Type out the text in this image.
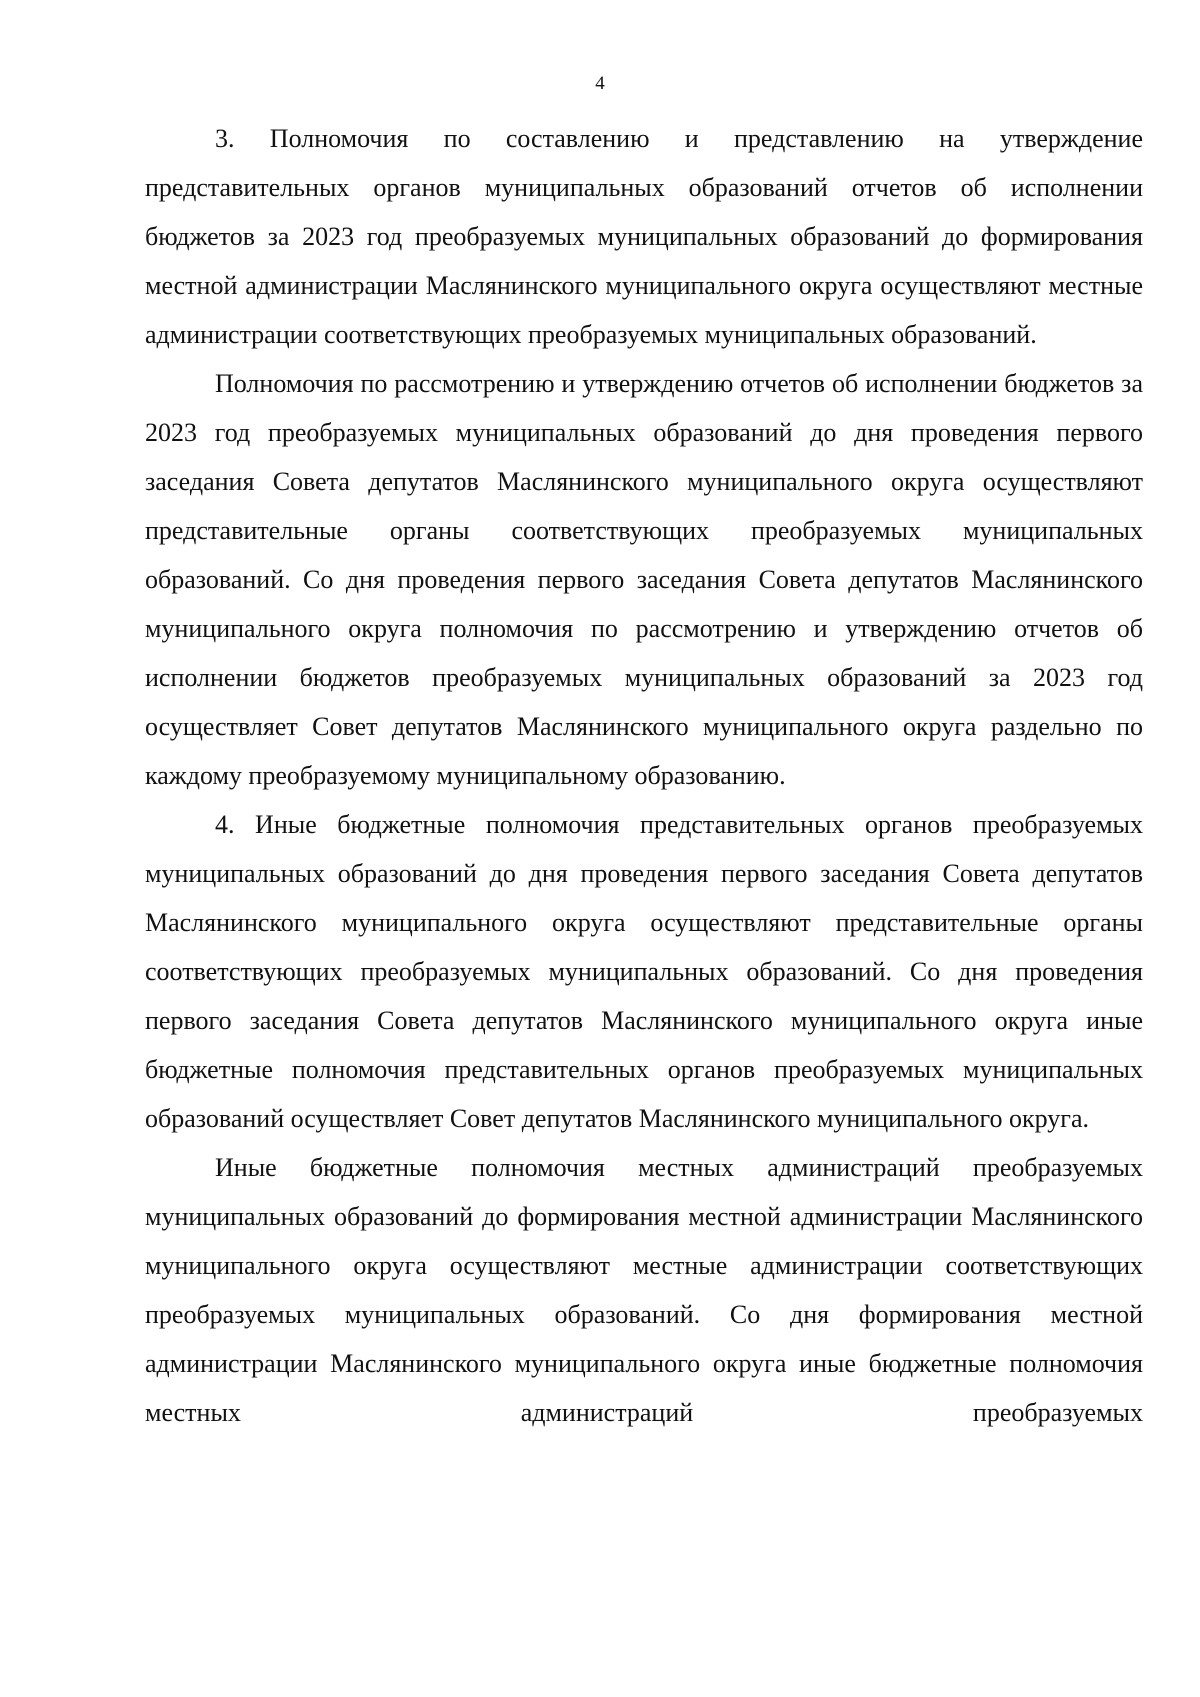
4

3. Полномочия по составлению и представлению на утверждение представительных органов муниципальных образований отчетов об исполнении бюджетов за 2023 год преобразуемых муниципальных образований до формирования местной администрации Маслянинского муниципального округа осуществляют местные администрации соответствующих преобразуемых муниципальных образований.

Полномочия по рассмотрению и утверждению отчетов об исполнении бюджетов за 2023 год преобразуемых муниципальных образований до дня проведения первого заседания Совета депутатов Маслянинского муниципального округа осуществляют представительные органы соответствующих преобразуемых муниципальных образований. Со дня проведения первого заседания Совета депутатов Маслянинского муниципального округа полномочия по рассмотрению и утверждению отчетов об исполнении бюджетов преобразуемых муниципальных образований за 2023 год осуществляет Совет депутатов Маслянинского муниципального округа раздельно по каждому преобразуемому муниципальному образованию.

4. Иные бюджетные полномочия представительных органов преобразуемых муниципальных образований до дня проведения первого заседания Совета депутатов Маслянинского муниципального округа осуществляют представительные органы соответствующих преобразуемых муниципальных образований. Со дня проведения первого заседания Совета депутатов Маслянинского муниципального округа иные бюджетные полномочия представительных органов преобразуемых муниципальных образований осуществляет Совет депутатов Маслянинского муниципального округа.

Иные бюджетные полномочия местных администраций преобразуемых муниципальных образований до формирования местной администрации Маслянинского муниципального округа осуществляют местные администрации соответствующих преобразуемых муниципальных образований. Со дня формирования местной администрации Маслянинского муниципального округа иные бюджетные полномочия местных администраций преобразуемых
